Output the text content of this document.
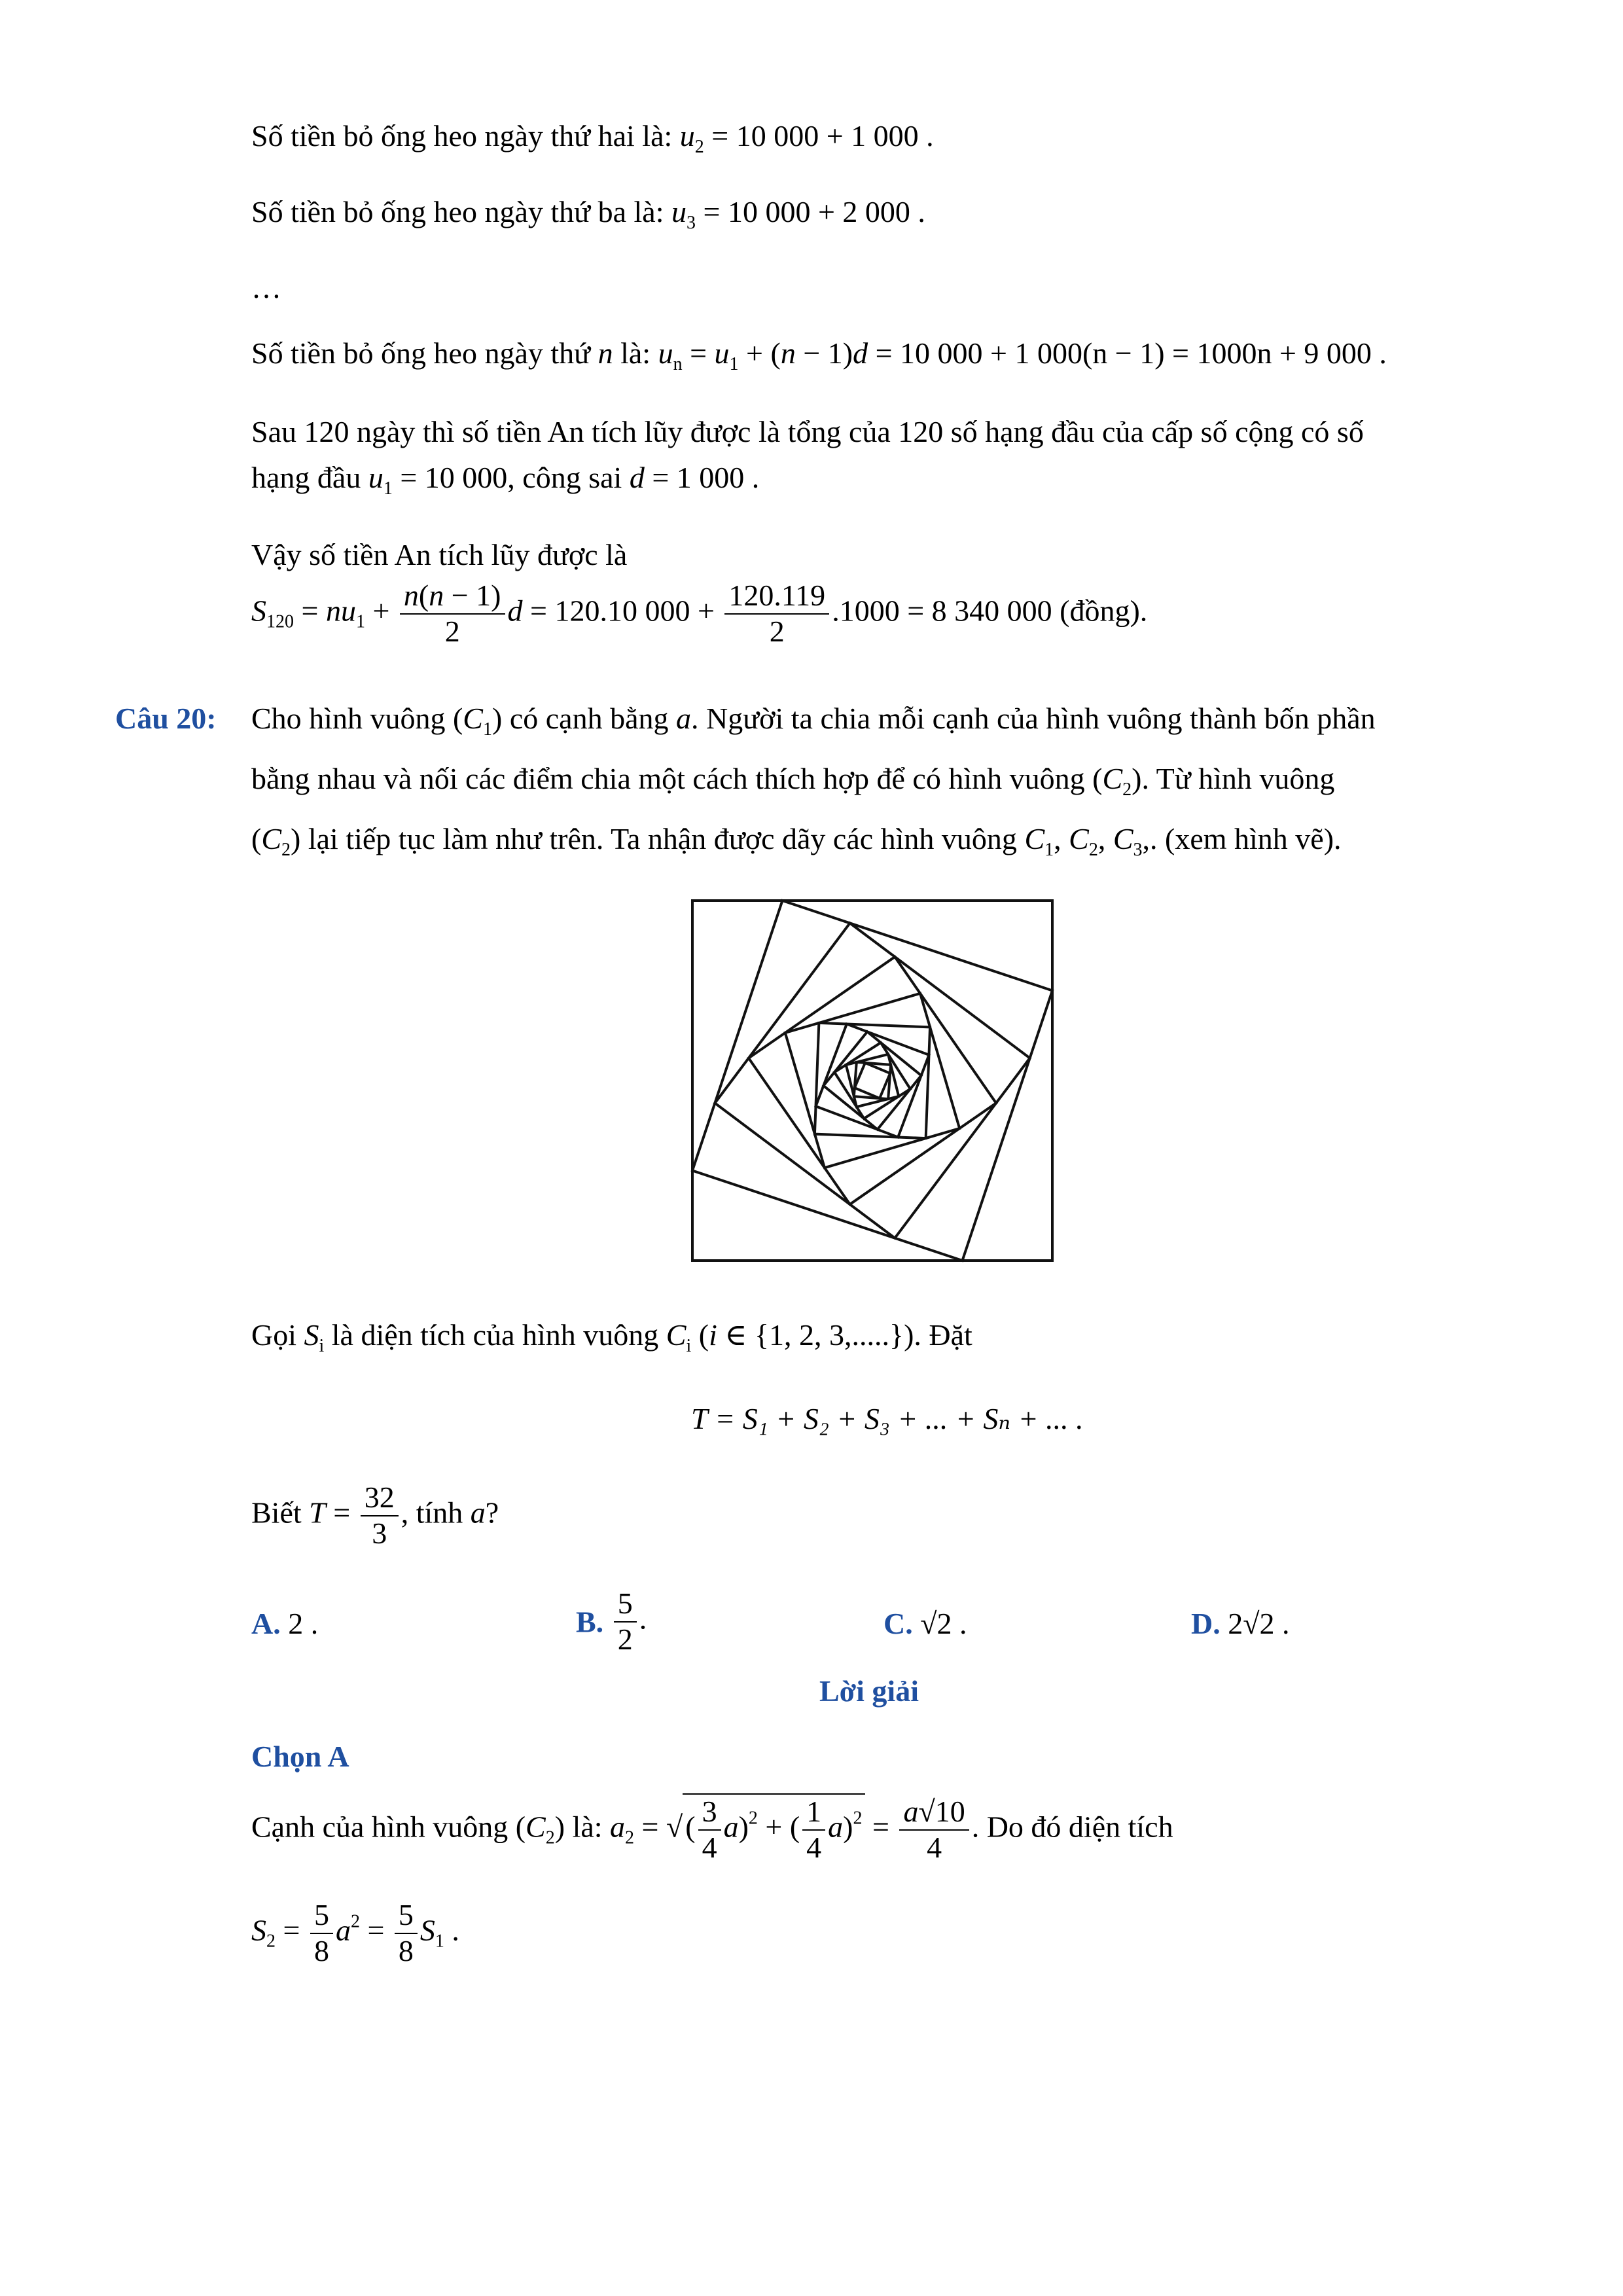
Số tiền bỏ ống heo ngày thứ hai là: $u_2 = 10$ 000 + 1 000 .
Số tiền bỏ ống heo ngày thứ ba là: $u_3 = 10$ 000 + 2 000 .
…
Số tiền bỏ ống heo ngày thứ n là: $u_n = u_1 + (n - 1)d = 10$ 000 + 1 000(n − 1) = 1000n + 9 000 .
Sau 120 ngày thì số tiền An tích lũy được là tổng của 120 số hạng đầu của cấp số cộng có số
hạng đầu $u_1 = 10$ 000, công sai d = 1 000 .
Vậy số tiền An tích lũy được là
$S_{120} = nu_1 + \frac{n(n - 1)}{2}$ d = 120.10 $000 + \frac{120.119}{2} .1000 = 8$ 340 000 (đồng).
Câu 20: Cho hình vuông $(C_1)$ có cạnh bằng a. Người ta chia mỗi cạnh của hình vuông thành bốn phần
bằng nhau và nối các điểm chia một cách thích hợp để có hình vuông $(C_2)$. Từ hình vuông
$(C_2)$ lại tiếp tục làm như trên. Ta nhận được dãy các hình vuông $C_1$, $C_2$, $C_3$,. (xem hình vẽ).
Gọi $S_i$ là diện tích của hình vuông $C_i$ (i ∈ {1, 2, 3,.....}). Đặt
T = S₁ + S₂ + S₃ + ... + Sₙ + ... .
Biết $T = \frac{32}{3}$ , tính a?
A. 2 .	B. $\frac{5}{2}$ .	C. √2 .	D. 2√2 .
Lời giải
Chọn A
Cạnh của hình vuông $(C_2)$ là: $a_2$ = √( $\frac{3}{4} a)^2$ + ( $\frac{1}{4} a)^2 = \frac{a√10}{4}$ . Do đó diện tích
$S_2 = \frac{5}{8} a^2 = \frac{5}{8} S_1$ .
